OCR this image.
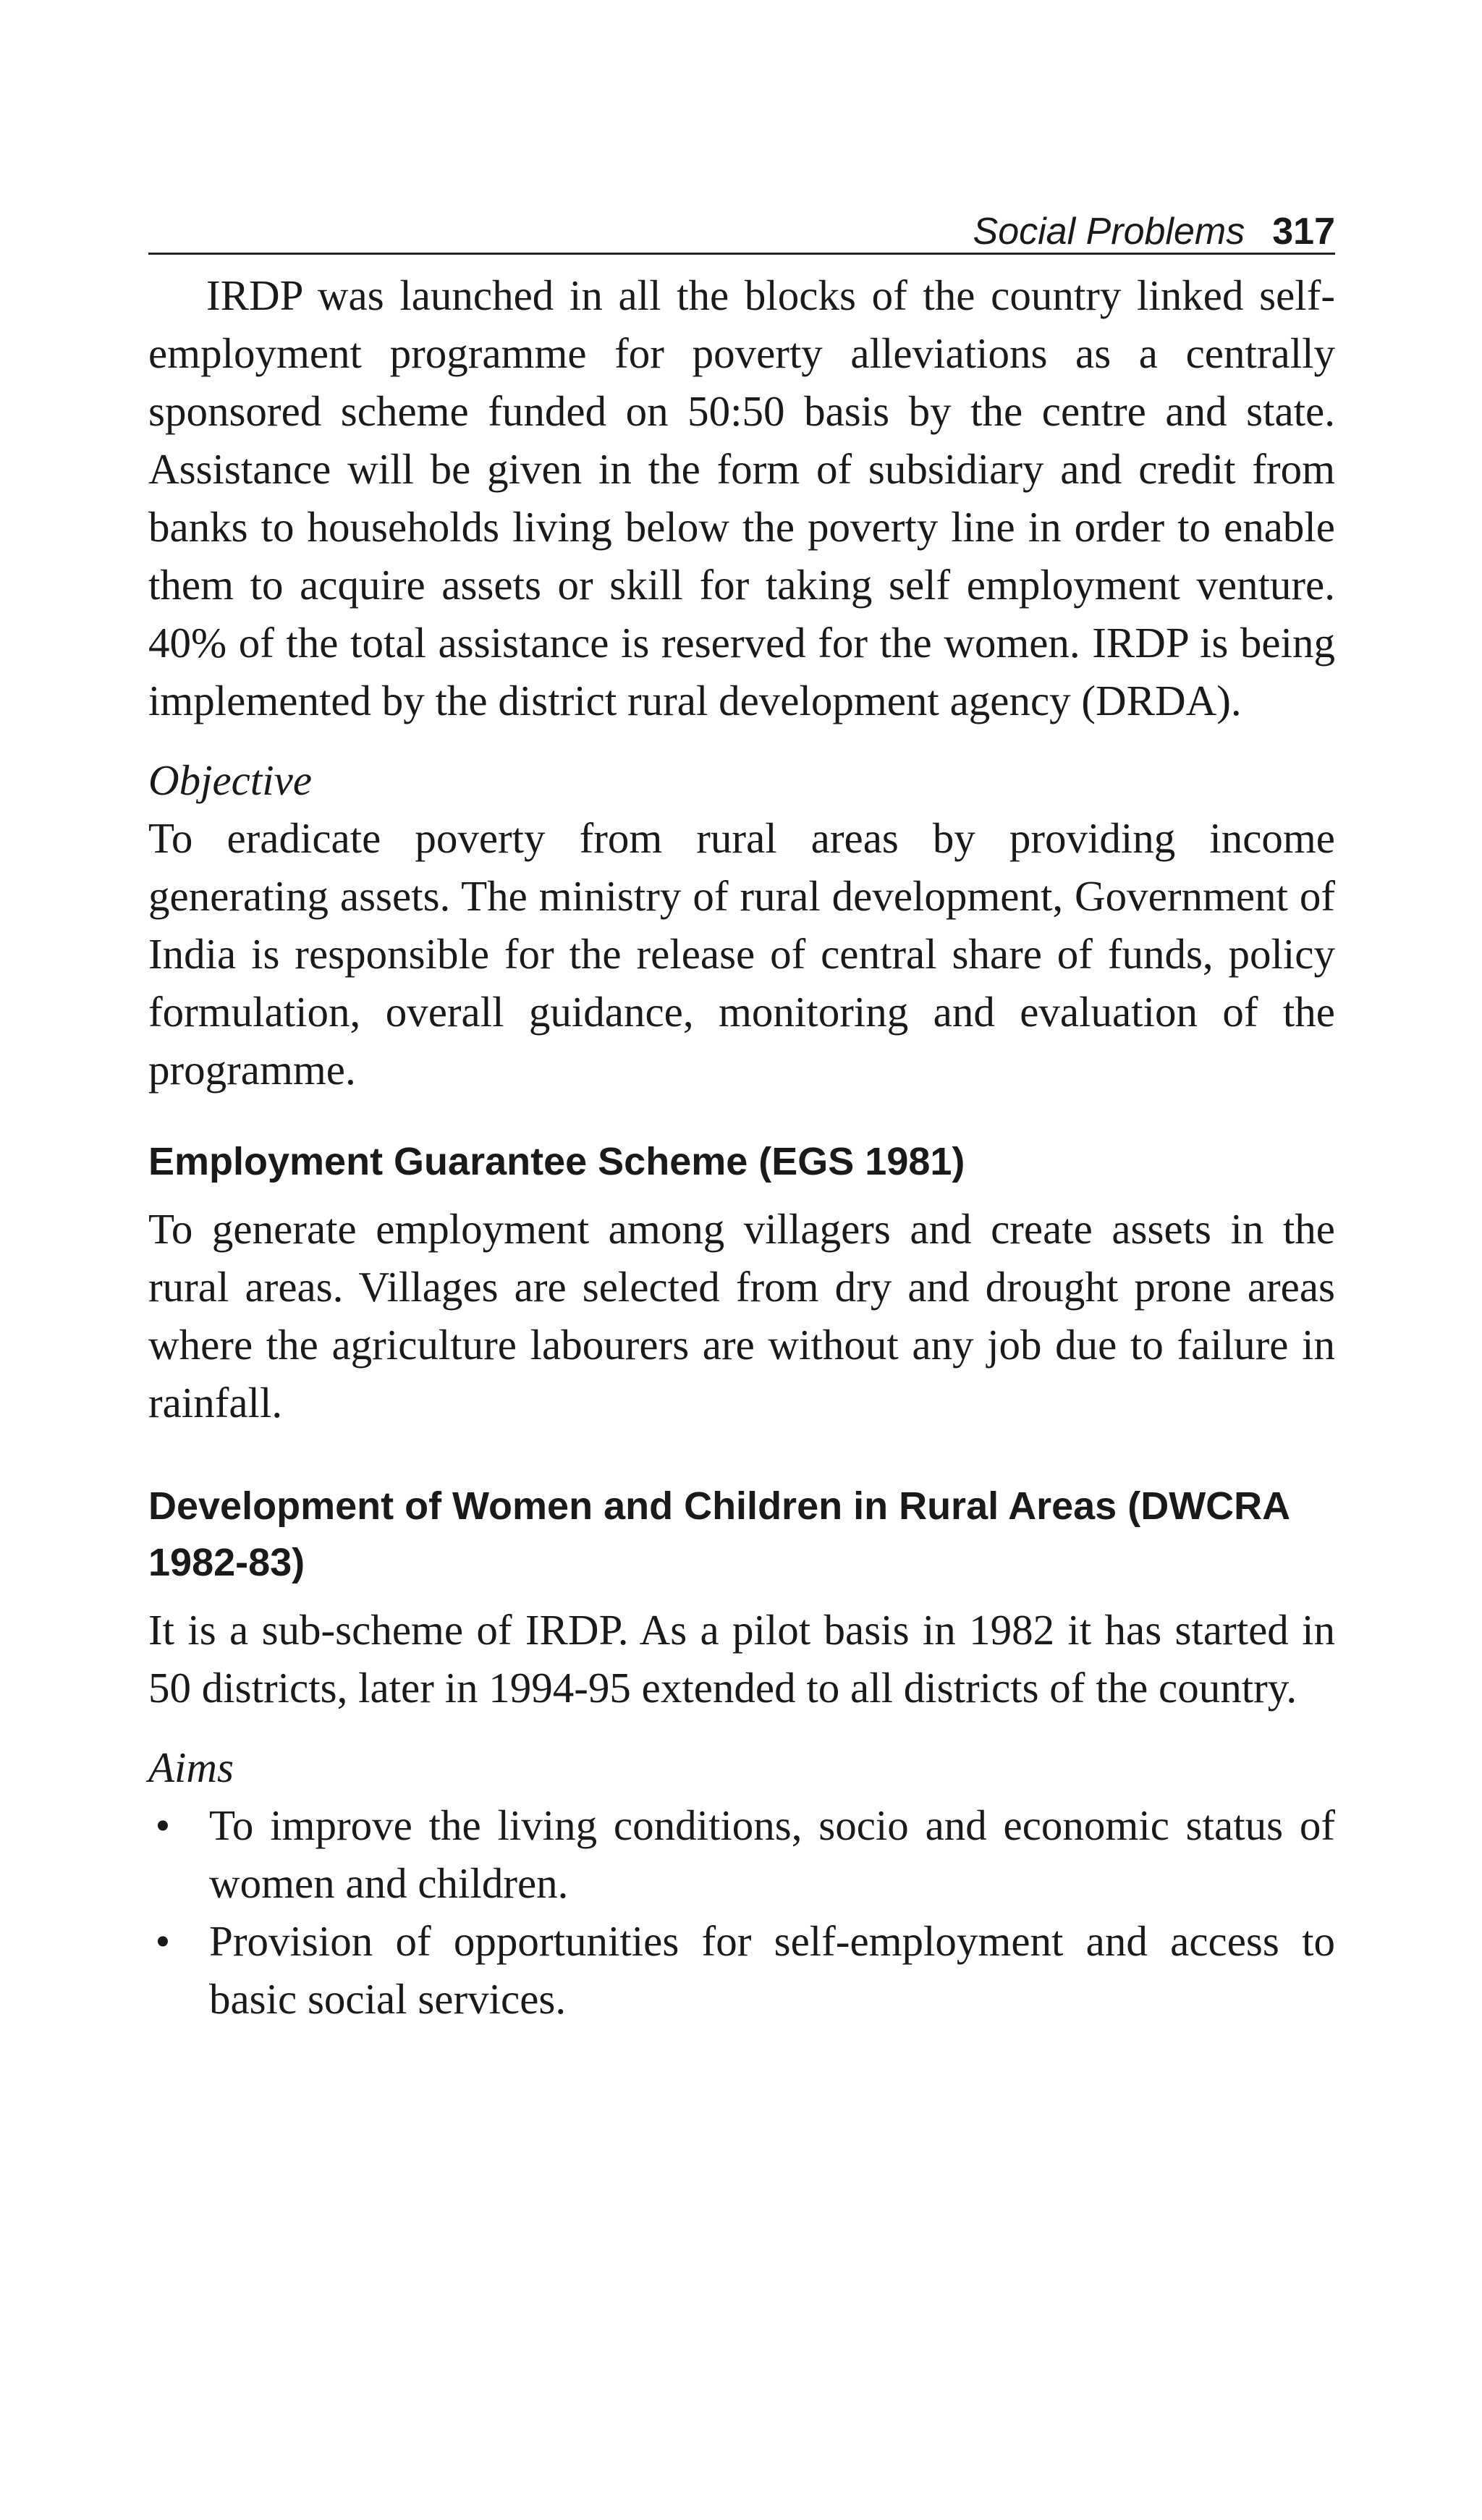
Social Problems 317

IRDP was launched in all the blocks of the country linked self-employment programme for poverty alleviations as a centrally sponsored scheme funded on 50:50 basis by the centre and state. Assistance will be given in the form of subsidiary and credit from banks to households living below the poverty line in order to enable them to acquire assets or skill for taking self employment venture. 40% of the total assistance is reserved for the women. IRDP is being implemented by the district rural development agency (DRDA).

Objective

To eradicate poverty from rural areas by providing income generating assets. The ministry of rural development, Government of India is responsible for the release of central share of funds, policy formulation, overall guidance, monitoring and evaluation of the programme.

Employment Guarantee Scheme (EGS 1981)

To generate employment among villagers and create assets in the rural areas. Villages are selected from dry and drought prone areas where the agriculture labourers are without any job due to failure in rainfall.

Development of Women and Children in Rural Areas (DWCRA 1982-83)

It is a sub-scheme of IRDP. As a pilot basis in 1982 it has started in 50 districts, later in 1994-95 extended to all districts of the country.

Aims

• To improve the living conditions, socio and economic status of women and children.
• Provision of opportunities for self-employment and access to basic social services.
